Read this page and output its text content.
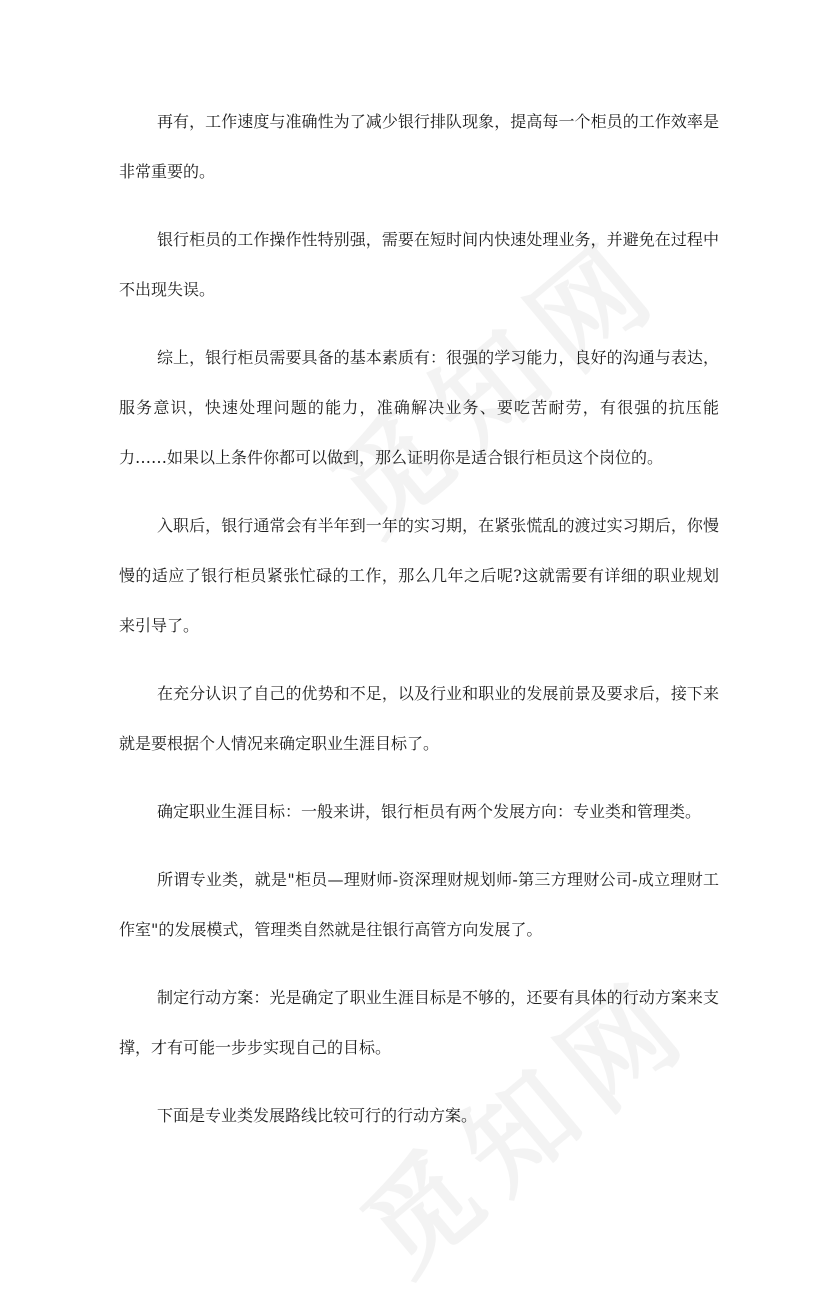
再有，工作速度与准确性为了减少银行排队现象，提高每一个柜员的工作效率是非常重要的。

银行柜员的工作操作性特别强，需要在短时间内快速处理业务，并避免在过程中不出现失误。

综上，银行柜员需要具备的基本素质有：很强的学习能力，良好的沟通与表达，服务意识，快速处理问题的能力，准确解决业务、要吃苦耐劳，有很强的抗压能力……如果以上条件你都可以做到，那么证明你是适合银行柜员这个岗位的。

入职后，银行通常会有半年到一年的实习期，在紧张慌乱的渡过实习期后，你慢慢的适应了银行柜员紧张忙碌的工作，那么几年之后呢?这就需要有详细的职业规划 来引导了。

在充分认识了自己的优势和不足，以及行业和职业的发展前景及要求后，接下来就是要根据个人情况来确定职业生涯目标了。

确定职业生涯目标：一般来讲，银行柜员有两个发展方向：专业类和管理类。

所谓专业类，就是"柜员—理财师-资深理财规划师-第三方理财公司-成立理财工作室"的发展模式，管理类自然就是往银行高管方向发展了。

制定行动方案：光是确定了职业生涯目标是不够的，还要有具体的行动方案来支撑，才有可能一步步实现自己的目标。

下面是专业类发展路线比较可行的行动方案。
